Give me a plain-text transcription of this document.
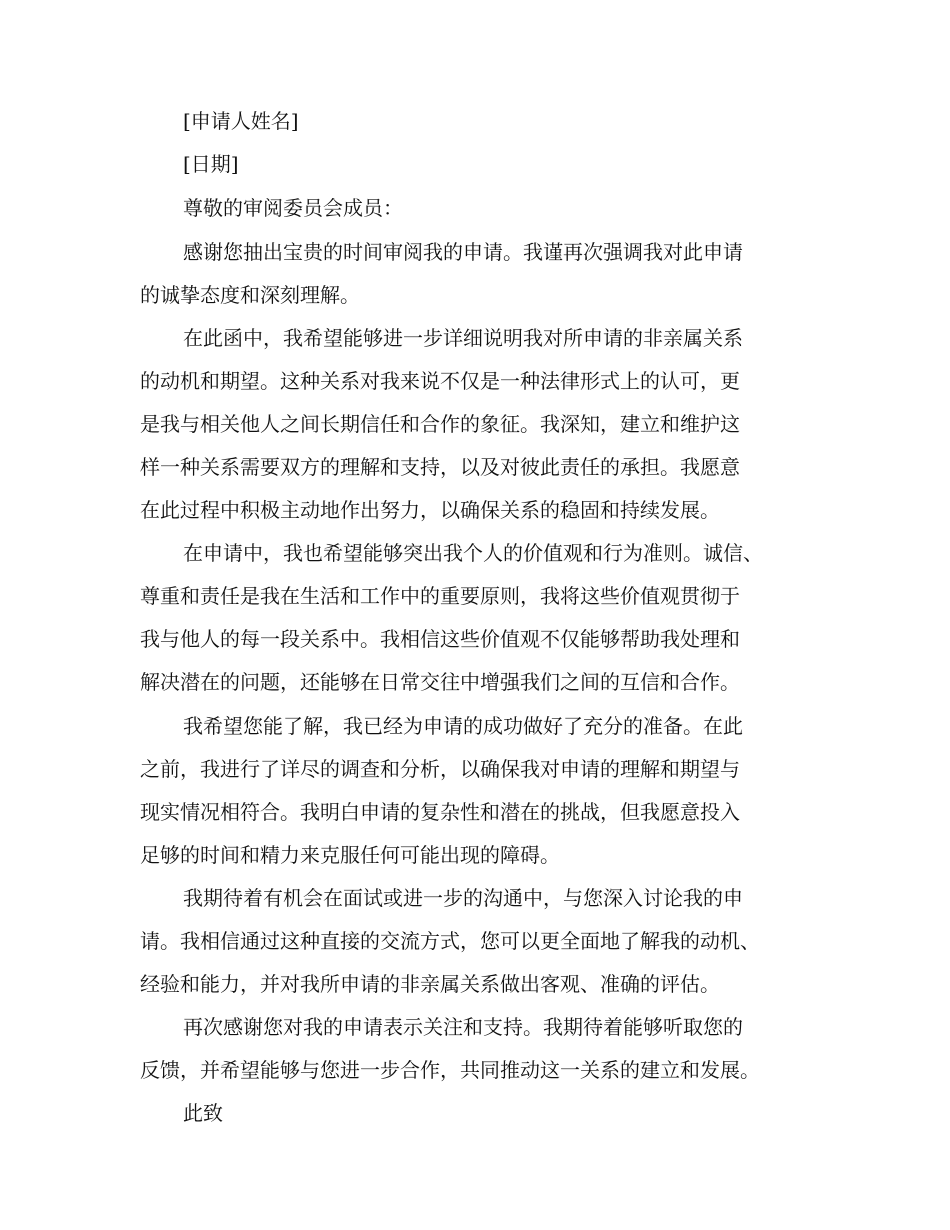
[申请人姓名]
[日期]
尊敬的审阅委员会成员：
感谢您抽出宝贵的时间审阅我的申请。我谨再次强调我对此申请
的诚挚态度和深刻理解。
在此函中，我希望能够进一步详细说明我对所申请的非亲属关系
的动机和期望。这种关系对我来说不仅是一种法律形式上的认可，更
是我与相关他人之间长期信任和合作的象征。我深知，建立和维护这
样一种关系需要双方的理解和支持，以及对彼此责任的承担。我愿意
在此过程中积极主动地作出努力，以确保关系的稳固和持续发展。
在申请中，我也希望能够突出我个人的价值观和行为准则。诚信、
尊重和责任是我在生活和工作中的重要原则，我将这些价值观贯彻于
我与他人的每一段关系中。我相信这些价值观不仅能够帮助我处理和
解决潜在的问题，还能够在日常交往中增强我们之间的互信和合作。
我希望您能了解，我已经为申请的成功做好了充分的准备。在此
之前，我进行了详尽的调查和分析，以确保我对申请的理解和期望与
现实情况相符合。我明白申请的复杂性和潜在的挑战，但我愿意投入
足够的时间和精力来克服任何可能出现的障碍。
我期待着有机会在面试或进一步的沟通中，与您深入讨论我的申
请。我相信通过这种直接的交流方式，您可以更全面地了解我的动机、
经验和能力，并对我所申请的非亲属关系做出客观、准确的评估。
再次感谢您对我的申请表示关注和支持。我期待着能够听取您的
反馈，并希望能够与您进一步合作，共同推动这一关系的建立和发展。
此致
